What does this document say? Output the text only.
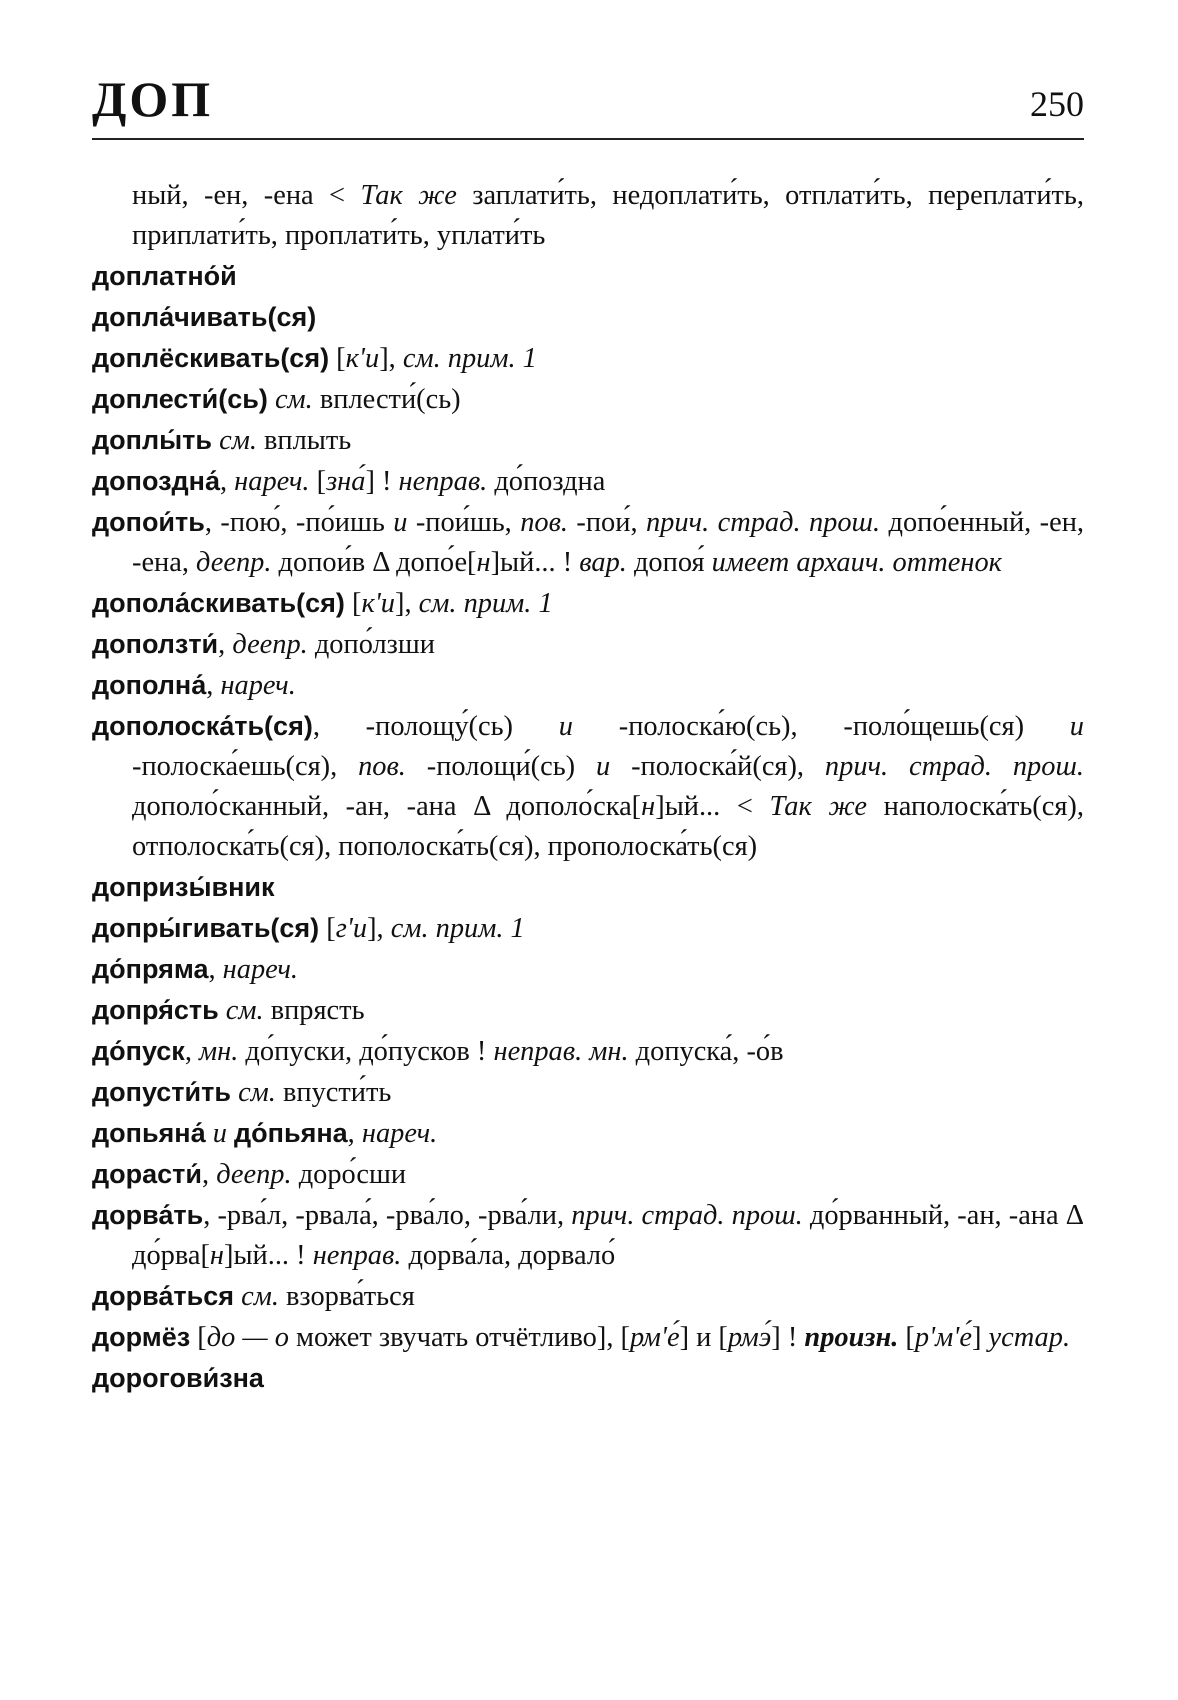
ДОП	250

ный, -ен, -ена < Так же заплати́ть, недоплати́ть, отплати́ть, переплати́ть, приплати́ть, проплати́ть, уплати́ть

доплатно́й

допла́чивать(ся)

доплёскивать(ся) [к'и], см. прим. 1

доплести́(сь) см. вплести́(сь)

доплы́ть см. вплыть

допоздна́, нареч. [зна́] ! неправ. до́поздна

допои́ть, -пою́, -по́ишь и -пои́шь, пов. -пои́, прич. страд. прош. допо́енный, -ен, -ена, деепр. допои́в Δ допо́е[н]ый... ! вар. допоя́ имеет архаич. оттенок

допола́скивать(ся) [к'и], см. прим. 1

доползти́, деепр. допо́лзши

дополна́, нареч.

дополоска́ть(ся), -полощу́(сь) и -полоска́ю(сь), -поло́щешь(ся) и -полоска́ешь(ся), пов. -полощи́(сь) и -полоска́й(ся), прич. страд. прош. дополо́сканный, -ан, -ана Δ дополо́ска[н]ый... < Так же наполоска́ть(ся), отполоска́ть(ся), пополоска́ть(ся), прополоска́ть(ся)

допризы́вник

допры́гивать(ся) [г'и], см. прим. 1

до́пряма, нареч.

допря́сть см. впрясть

до́пуск, мн. до́пуски, до́пусков ! неправ. мн. допуска́, -о́в

допусти́ть см. впусти́ть

допьяна́ и до́пьяна, нареч.

дорасти́, деепр. доро́сши

дорва́ть, -рва́л, -рвала́, -рва́ло, -рва́ли, прич. страд. прош. до́рванный, -ан, -ана Δ до́рва[н]ый... ! неправ. дорва́ла, дорвало́

дорва́ться см. взорва́ться

дормёз [до — о может звучать отчётливо], [рм'е́] и [рмэ́] ! произн. [р'м'е́] устар.

дорогови́зна
